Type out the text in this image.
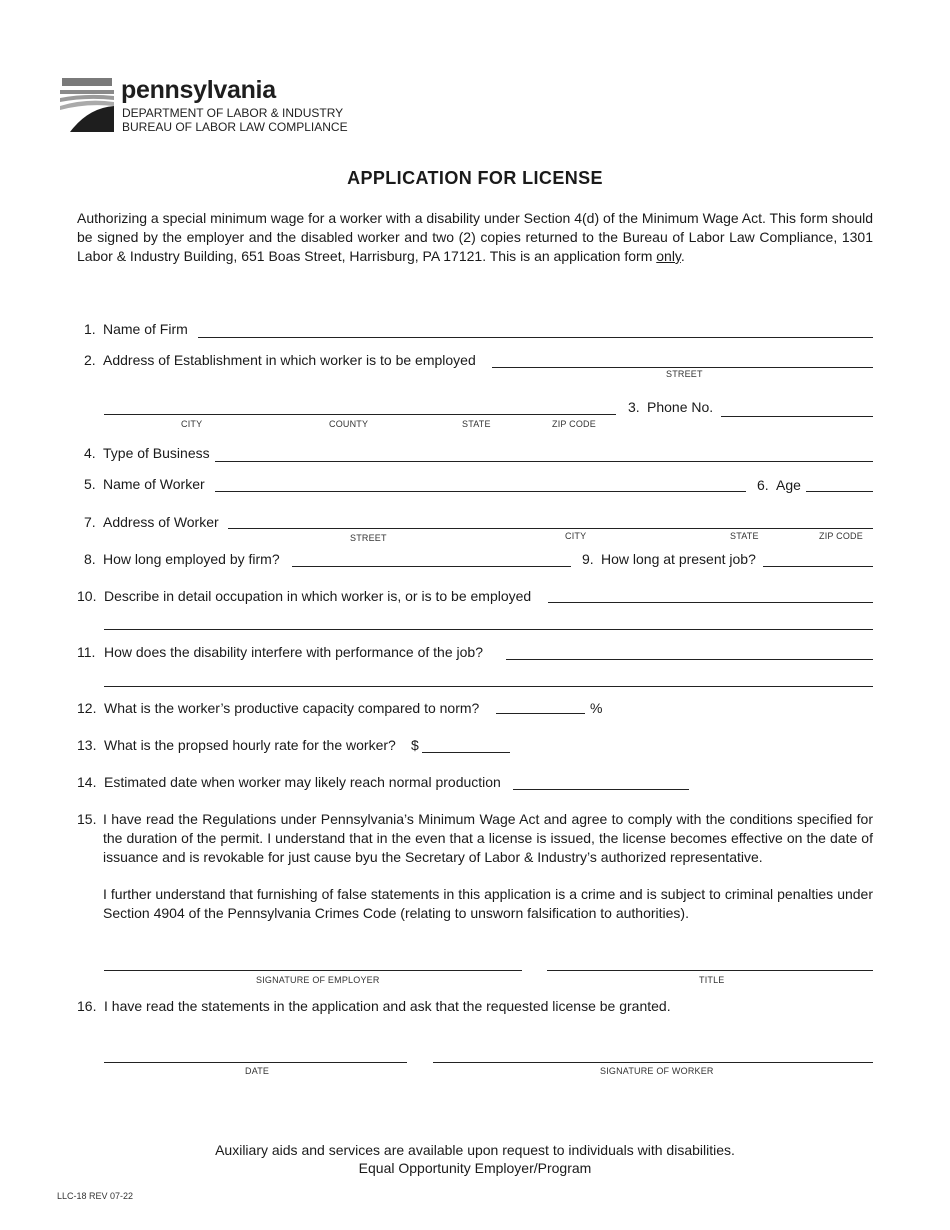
pennsylvania
DEPARTMENT OF LABOR & INDUSTRY
BUREAU OF LABOR LAW COMPLIANCE
APPLICATION FOR LICENSE
Authorizing a special minimum wage for a worker with a disability under Section 4(d) of the Minimum Wage Act. This form should be signed by the employer and the disabled worker and two (2) copies returned to the Bureau of Labor Law Compliance, 1301 Labor & Industry Building, 651 Boas Street, Harrisburg, PA 17121. This is an application form only.
1. Name of Firm
2. Address of Establishment in which worker is to be employed
STREET
CITY	COUNTY	STATE	ZIP CODE
3. Phone No.
4. Type of Business
5. Name of Worker	6. Age
7. Address of Worker
STREET	CITY	STATE	ZIP CODE
8. How long employed by firm?	9. How long at present job?
10. Describe in detail occupation in which worker is, or is to be employed
11. How does the disability interfere with performance of the job?
12. What is the worker’s productive capacity compared to norm?	%
13. What is the propsed hourly rate for the worker? $
14. Estimated date when worker may likely reach normal production
15. I have read the Regulations under Pennsylvania’s Minimum Wage Act and agree to comply with the conditions specified for the duration of the permit. I understand that in the even that a license is issued, the license becomes effective on the date of issuance and is revokable for just cause byu the Secretary of Labor & Industry’s authorized representative.
I further understand that furnishing of false statements in this application is a crime and is subject to criminal penalties under Section 4904 of the Pennsylvania Crimes Code (relating to unsworn falsification to authorities).
SIGNATURE OF EMPLOYER	TITLE
16. I have read the statements in the application and ask that the requested license be granted.
DATE	SIGNATURE OF WORKER
Auxiliary aids and services are available upon request to individuals with disabilities.
Equal Opportunity Employer/Program
LLC-18 REV 07-22
